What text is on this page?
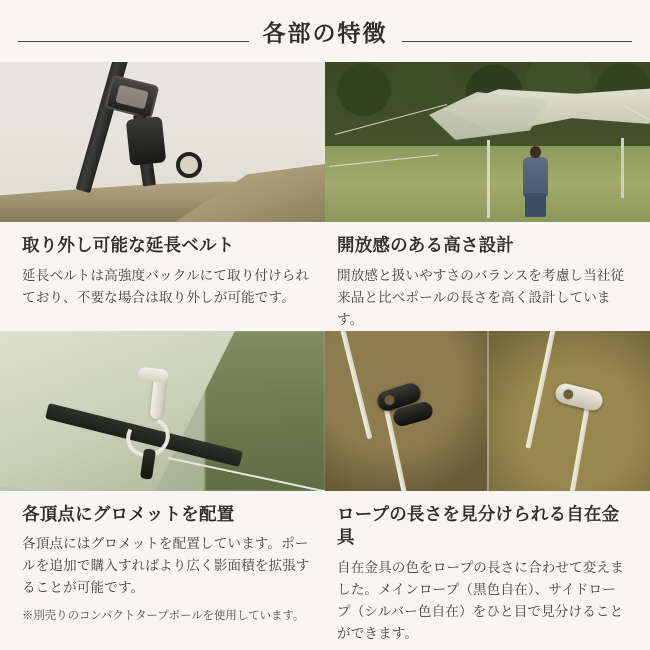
各部の特徴
取り外し可能な延長ベルト
延長ベルトは高強度バックルにて取り付けられており、不要な場合は取り外しが可能です。
開放感のある高さ設計
開放感と扱いやすさのバランスを考慮し当社従来品と比べポールの長さを高く設計しています。
各頂点にグロメットを配置
各頂点にはグロメットを配置しています。ポールを追加で購入すればより広く影面積を拡張することが可能です。
※別売りのコンパクトタープポールを使用しています。
ロープの長さを見分けられる自在金具
自在金具の色をロープの長さに合わせて変えました。メインロープ（黒色自在）、サイドロープ（シルバー色自在）をひと目で見分けることができます。
